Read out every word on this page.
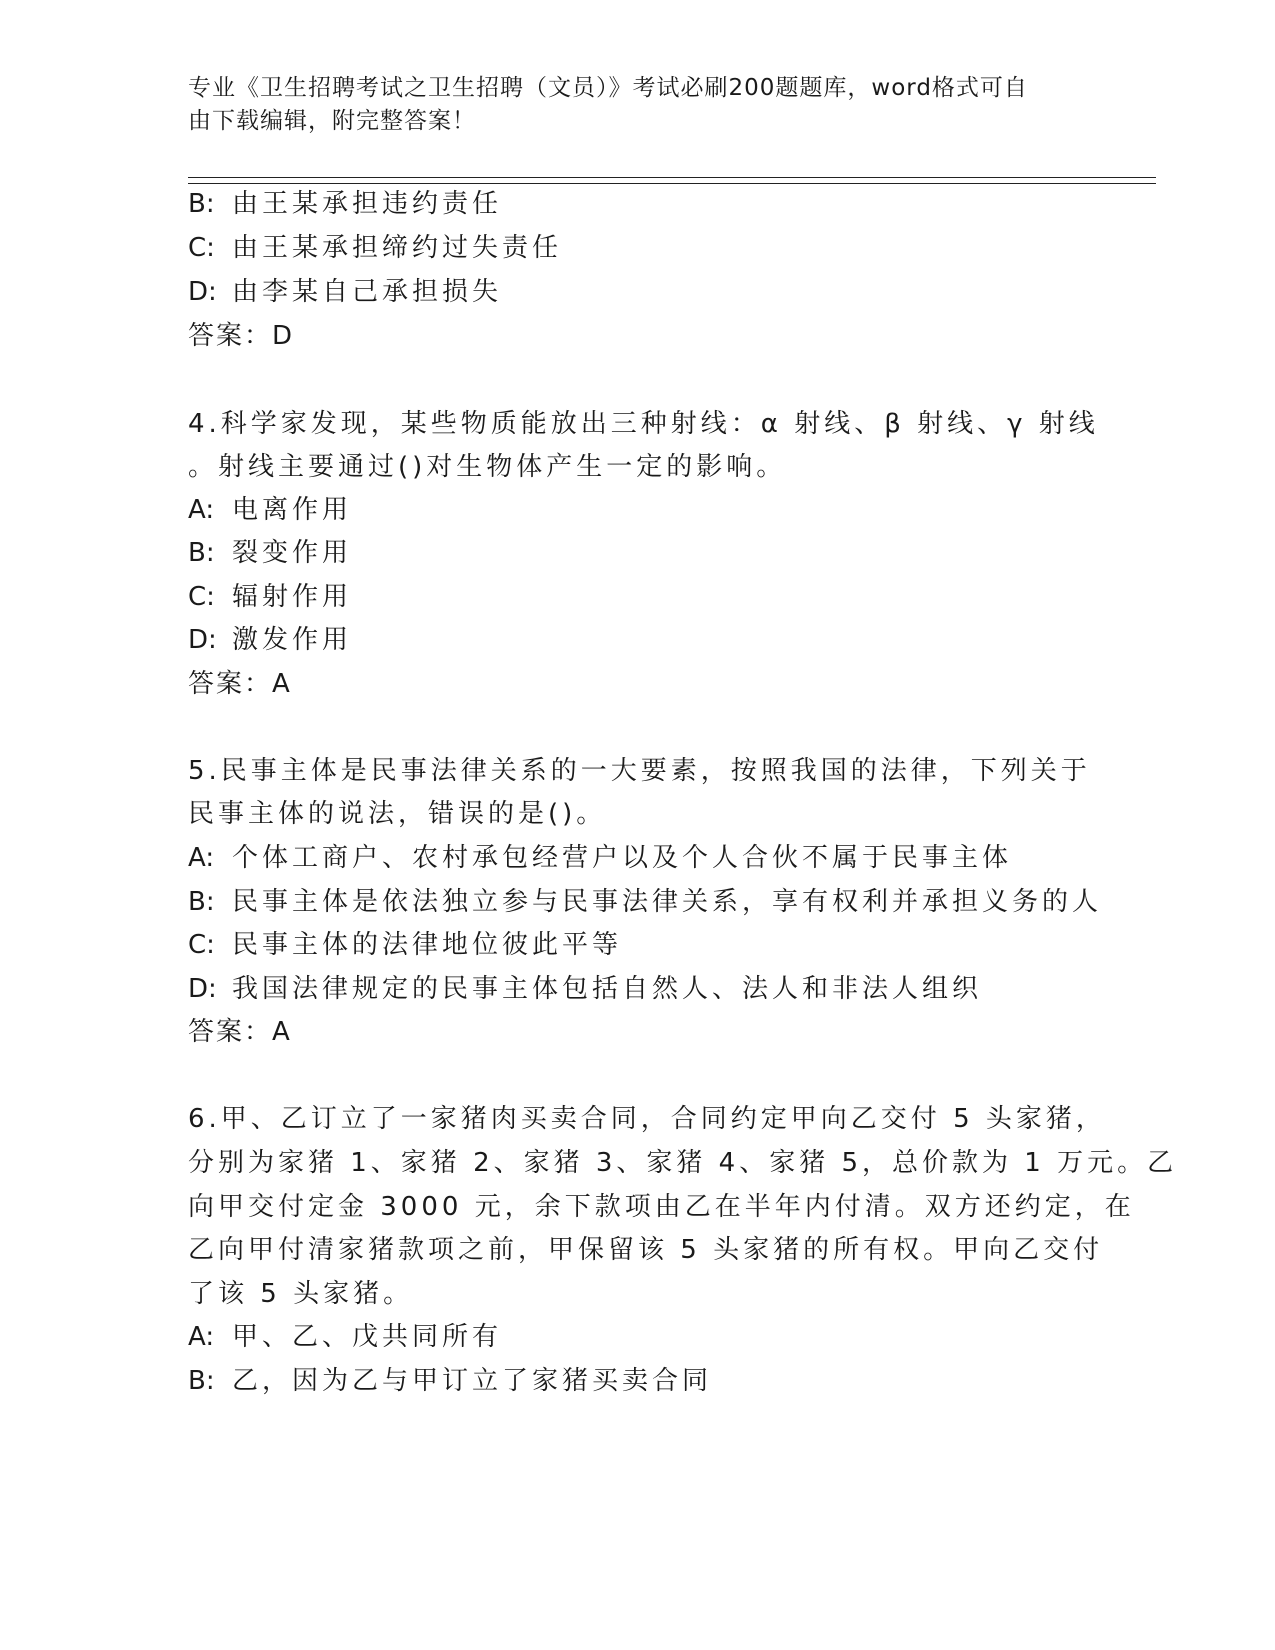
专业《卫生招聘考试之卫生招聘（文员）》考试必刷200题题库，word格式可自
由下载编辑，附完整答案！
B: 由王某承担违约责任
C: 由王某承担缔约过失责任
D: 由李某自己承担损失
答案：D
4.科学家发现，某些物质能放出三种射线：α 射线、β 射线、γ 射线
。射线主要通过()对生物体产生一定的影响。
A: 电离作用
B: 裂变作用
C: 辐射作用
D: 激发作用
答案：A
5.民事主体是民事法律关系的一大要素，按照我国的法律，下列关于
民事主体的说法，错误的是()。
A: 个体工商户、农村承包经营户以及个人合伙不属于民事主体
B: 民事主体是依法独立参与民事法律关系，享有权利并承担义务的人
C: 民事主体的法律地位彼此平等
D: 我国法律规定的民事主体包括自然人、法人和非法人组织
答案：A
6.甲、乙订立了一家猪肉买卖合同，合同约定甲向乙交付 5 头家猪，
分别为家猪 1、家猪 2、家猪 3、家猪 4、家猪 5，总价款为 1 万元。乙
向甲交付定金 3000 元，余下款项由乙在半年内付清。双方还约定，在
乙向甲付清家猪款项之前，甲保留该 5 头家猪的所有权。甲向乙交付
了该 5 头家猪。
A: 甲、乙、戊共同所有
B: 乙，因为乙与甲订立了家猪买卖合同
